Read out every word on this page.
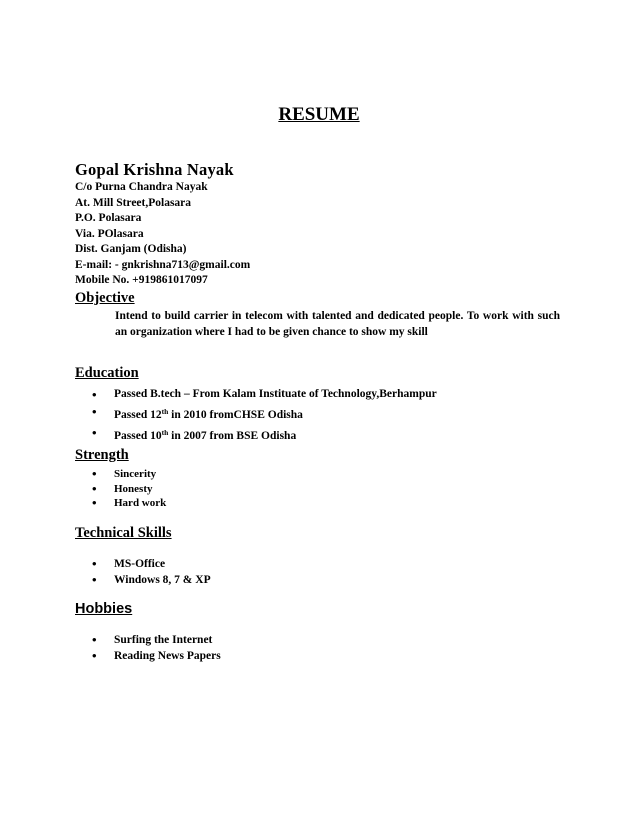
RESUME
Gopal Krishna Nayak
C/o Purna Chandra Nayak
At. Mill Street,Polasara
P.O. Polasara
Via. POlasara
Dist. Ganjam (Odisha)
E-mail: - gnkrishna713@gmail.com
Mobile No. +919861017097
Objective
Intend to build carrier in telecom with talented and dedicated people. To work with such an organization where I had to be given chance to show my skill
Education
• Passed B.tech – From Kalam Instituate of Technology,Berhampur
• Passed 12th in 2010 fromCHSE Odisha
• Passed 10th in 2007 from BSE Odisha
Strength
• Sincerity
• Honesty
• Hard work
Technical Skills
• MS-Office
• Windows 8, 7 & XP
Hobbies
• Surfing the Internet
• Reading News Papers
